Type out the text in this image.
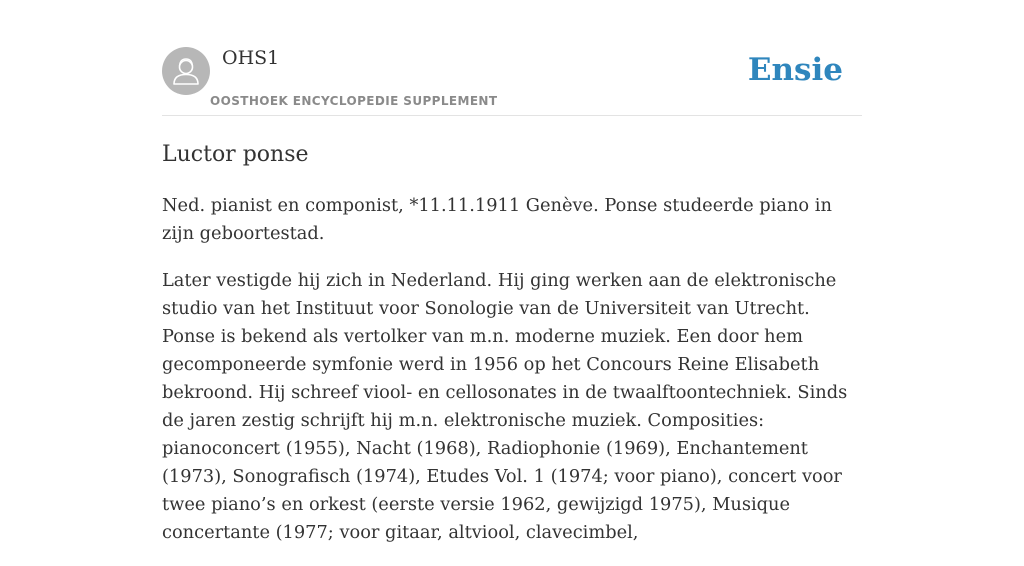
OHS1
OOSTHOEK ENCYCLOPEDIE SUPPLEMENT
Ensie
Luctor ponse

Ned. pianist en componist, *11.11.1911 Genève. Ponse studeerde piano in zijn geboortestad.

Later vestigde hij zich in Nederland. Hij ging werken aan de elektronische studio van het Instituut voor Sonologie van de Universiteit van Utrecht. Ponse is bekend als vertolker van m.n. moderne muziek. Een door hem gecomponeerde symfonie werd in 1956 op het Concours Reine Elisabeth bekroond. Hij schreef viool- en cellosonates in de twaalftoontechniek. Sinds de jaren zestig schrijft hij m.n. elektronische muziek. Composities: pianoconcert (1955), Nacht (1968), Radiophonie (1969), Enchantement (1973), Sonografisch (1974), Etudes Vol. 1 (1974; voor piano), concert voor twee piano’s en orkest (eerste versie 1962, gewijzigd 1975), Musique concertante (1977; voor gitaar, altviool, clavecimbel,
